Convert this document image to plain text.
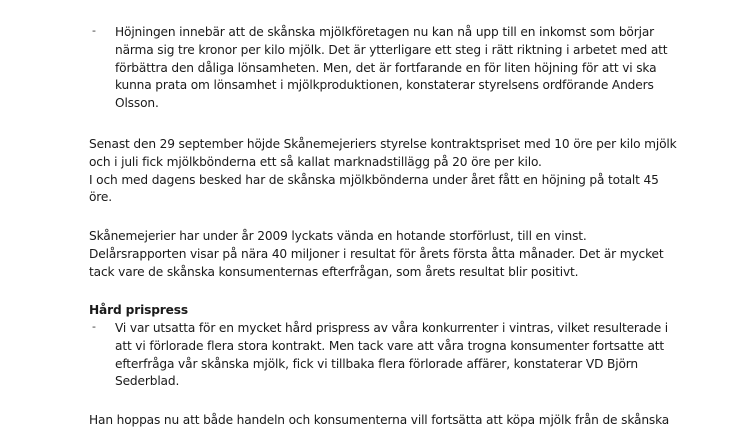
-	Höjningen innebär att de skånska mjölkföretagen nu kan nå upp till en inkomst som börjar
närma sig tre kronor per kilo mjölk. Det är ytterligare ett steg i rätt riktning i arbetet med att
förbättra den dåliga lönsamheten. Men, det är fortfarande en för liten höjning för att vi ska
kunna prata om lönsamhet i mjölkproduktionen, konstaterar styrelsens ordförande Anders
Olsson.
Senast den 29 september höjde Skånemejeriers styrelse kontraktspriset med 10 öre per kilo mjölk
och i juli fick mjölkbönderna ett så kallat marknadstillägg på 20 öre per kilo.
I och med dagens besked har de skånska mjölkbönderna under året fått en höjning på totalt 45
öre.
Skånemejerier har under år 2009 lyckats vända en hotande storförlust, till en vinst.
Delårsrapporten visar på nära 40 miljoner i resultat för årets första åtta månader. Det är mycket
tack vare de skånska konsumenternas efterfrågan, som årets resultat blir positivt.
Hård prispress
-	Vi var utsatta för en mycket hård prispress av våra konkurrenter i vintras, vilket resulterade i
att vi förlorade flera stora kontrakt. Men tack vare att våra trogna konsumenter fortsatte att
efterfråga vår skånska mjölk, fick vi tillbaka flera förlorade affärer, konstaterar VD Björn
Sederblad.
Han hoppas nu att både handeln och konsumenterna vill fortsätta att köpa mjölk från de skånska
